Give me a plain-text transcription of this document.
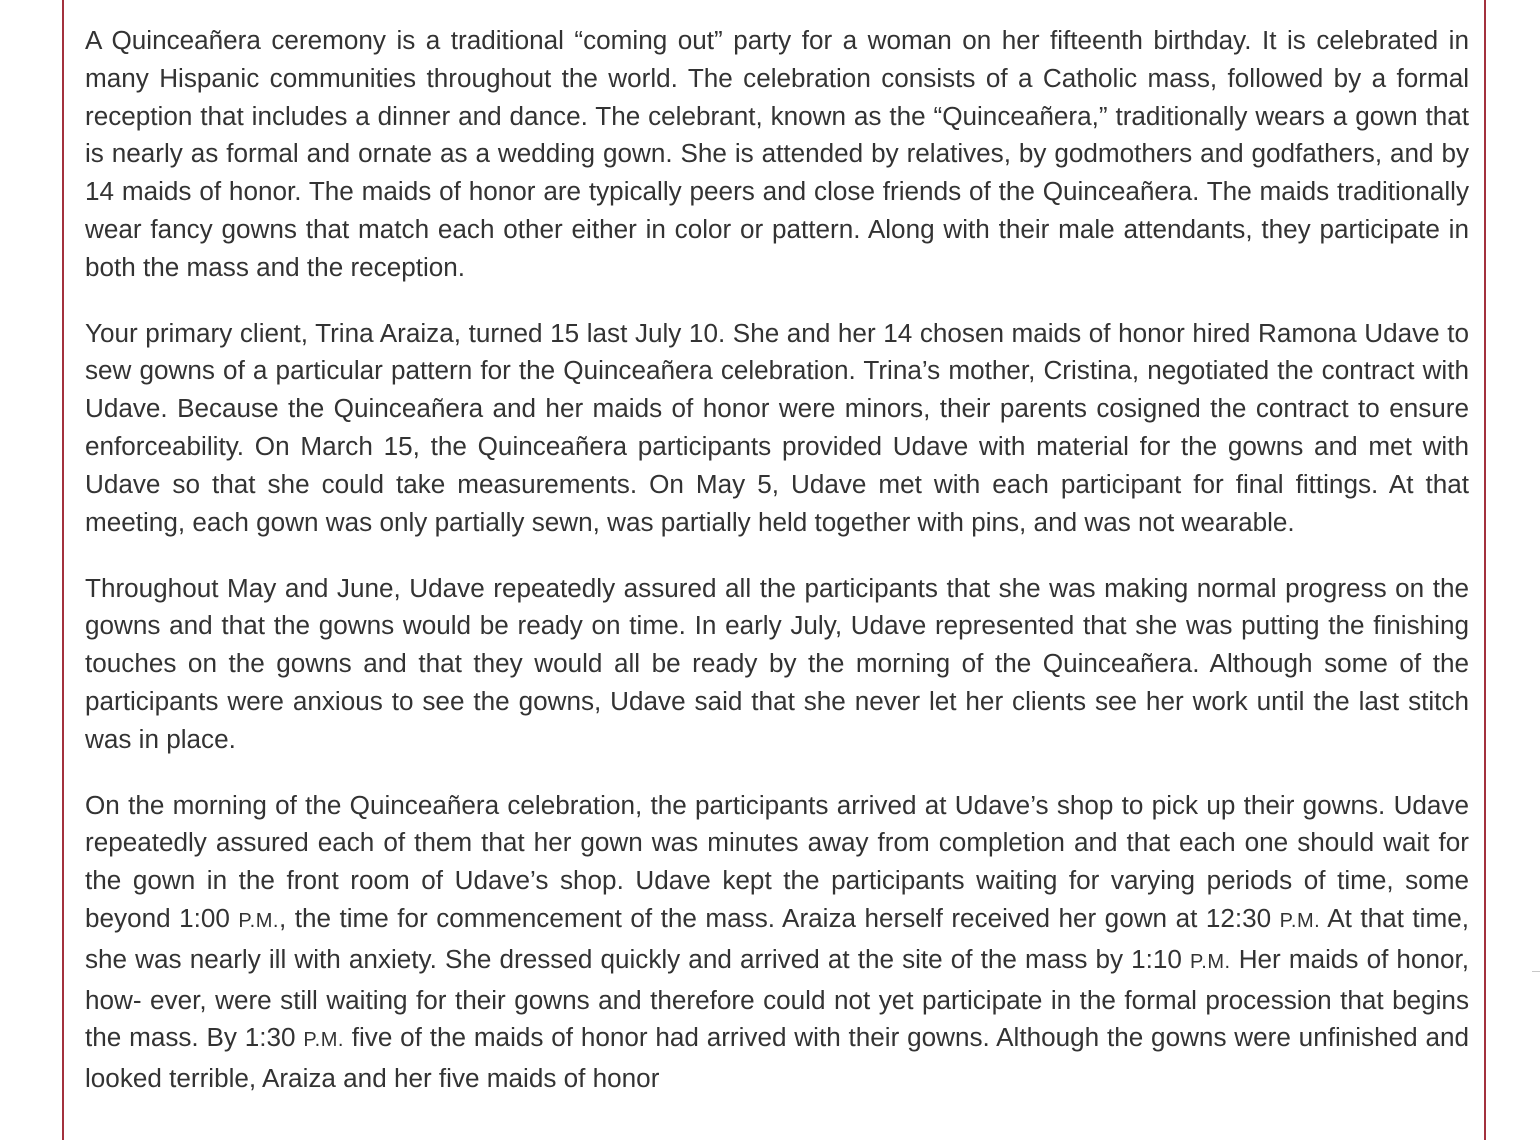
A Quinceañera ceremony is a traditional “coming out” party for a woman on her fifteenth birthday. It is celebrated in many Hispanic communities throughout the world. The celebration consists of a Catholic mass, followed by a formal reception that includes a dinner and dance. The celebrant, known as the “Quinceañera,” traditionally wears a gown that is nearly as formal and ornate as a wedding gown. She is attended by relatives, by godmothers and godfathers, and by 14 maids of honor. The maids of honor are typically peers and close friends of the Quinceañera. The maids traditionally wear fancy gowns that match each other either in color or pattern. Along with their male attendants, they participate in both the mass and the reception.

Your primary client, Trina Araiza, turned 15 last July 10. She and her 14 chosen maids of honor hired Ramona Udave to sew gowns of a particular pattern for the Quinceañera celebration. Trina’s mother, Cristina, negotiated the contract with Udave. Because the Quinceañera and her maids of honor were minors, their parents cosigned the contract to ensure enforceability. On March 15, the Quinceañera participants provided Udave with material for the gowns and met with Udave so that she could take measurements. On May 5, Udave met with each participant for final fittings. At that meeting, each gown was only partially sewn, was partially held together with pins, and was not wearable.

Throughout May and June, Udave repeatedly assured all the participants that she was making normal progress on the gowns and that the gowns would be ready on time. In early July, Udave represented that she was putting the finishing touches on the gowns and that they would all be ready by the morning of the Quinceañera. Although some of the participants were anxious to see the gowns, Udave said that she never let her clients see her work until the last stitch was in place.

On the morning of the Quinceañera celebration, the participants arrived at Udave’s shop to pick up their gowns. Udave repeatedly assured each of them that her gown was minutes away from completion and that each one should wait for the gown in the front room of Udave’s shop. Udave kept the participants waiting for varying periods of time, some beyond 1:00 P.M., the time for commencement of the mass. Araiza herself received her gown at 12:30 P.M. At that time, she was nearly ill with anxiety. She dressed quickly and arrived at the site of the mass by 1:10 P.M. Her maids of honor, how- ever, were still waiting for their gowns and therefore could not yet participate in the formal procession that begins the mass. By 1:30 P.M. five of the maids of honor had arrived with their gowns. Although the gowns were unfinished and looked terrible, Araiza and her five maids of honor
